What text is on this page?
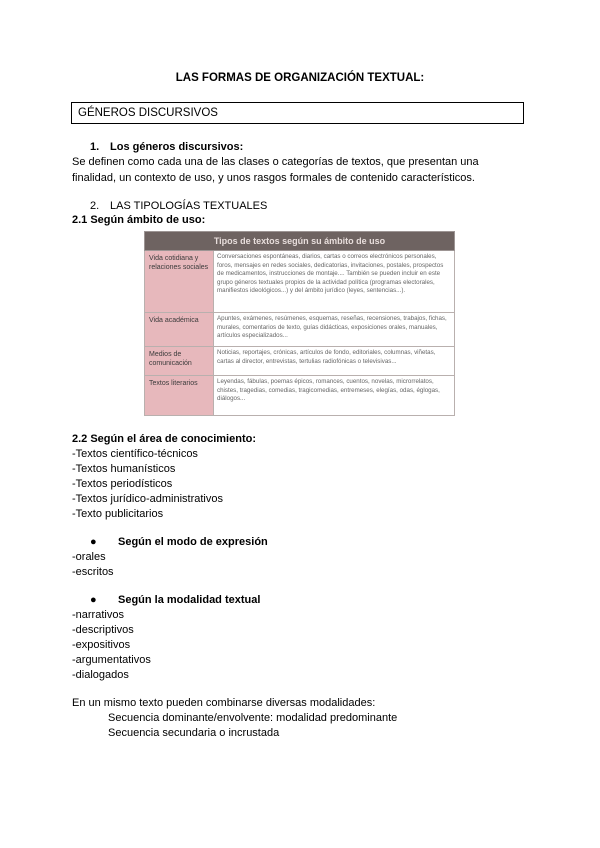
LAS FORMAS DE ORGANIZACIÓN TEXTUAL:
GÉNEROS DISCURSIVOS
1. Los géneros discursivos:
Se definen como cada una de las clases o categorías de textos, que presentan una
finalidad, un contexto de uso, y unos rasgos formales de contenido característicos.
2. LAS TIPOLOGÍAS TEXTUALES
2.1 Según ámbito de uso:
Tipos de textos según su ámbito de uso	
Vida cotidiana y relaciones sociales	Conversaciones espontáneas, diarios, cartas o correos electrónicos personales, foros, mensajes en redes sociales, dedicatorias, invitaciones, postales, prospectos de medicamentos, instrucciones de montaje.... También se pueden incluir en este grupo géneros textuales propios de la actividad política (programas electorales, manifiestos ideológicos...) y del ámbito jurídico (leyes, sentencias...).
Vida académica	Apuntes, exámenes, resúmenes, esquemas, reseñas, recensiones, trabajos, fichas, murales, comentarios de texto, guías didácticas, exposiciones orales, manuales, artículos especializados...
Medios de comunicación	Noticias, reportajes, crónicas, artículos de fondo, editoriales, columnas, viñetas, cartas al director, entrevistas, tertulias radiofónicas o televisivas...
Textos literarios	Leyendas, fábulas, poemas épicos, romances, cuentos, novelas, microrrelatos, chistes, tragedias, comedias, tragicomedias, entremeses, elegías, odas, églogas, diálogos...
2.2 Según el área de conocimiento:
-Textos científico-técnicos
-Textos humanísticos
-Textos periodísticos
-Textos jurídico-administrativos
-Texto publicitarios
● Según el modo de expresión
-orales
-escritos
● Según la modalidad textual
-narrativos
-descriptivos
-expositivos
-argumentativos
-dialogados
En un mismo texto pueden combinarse diversas modalidades:
Secuencia dominante/envolvente: modalidad predominante
Secuencia secundaria o incrustada
